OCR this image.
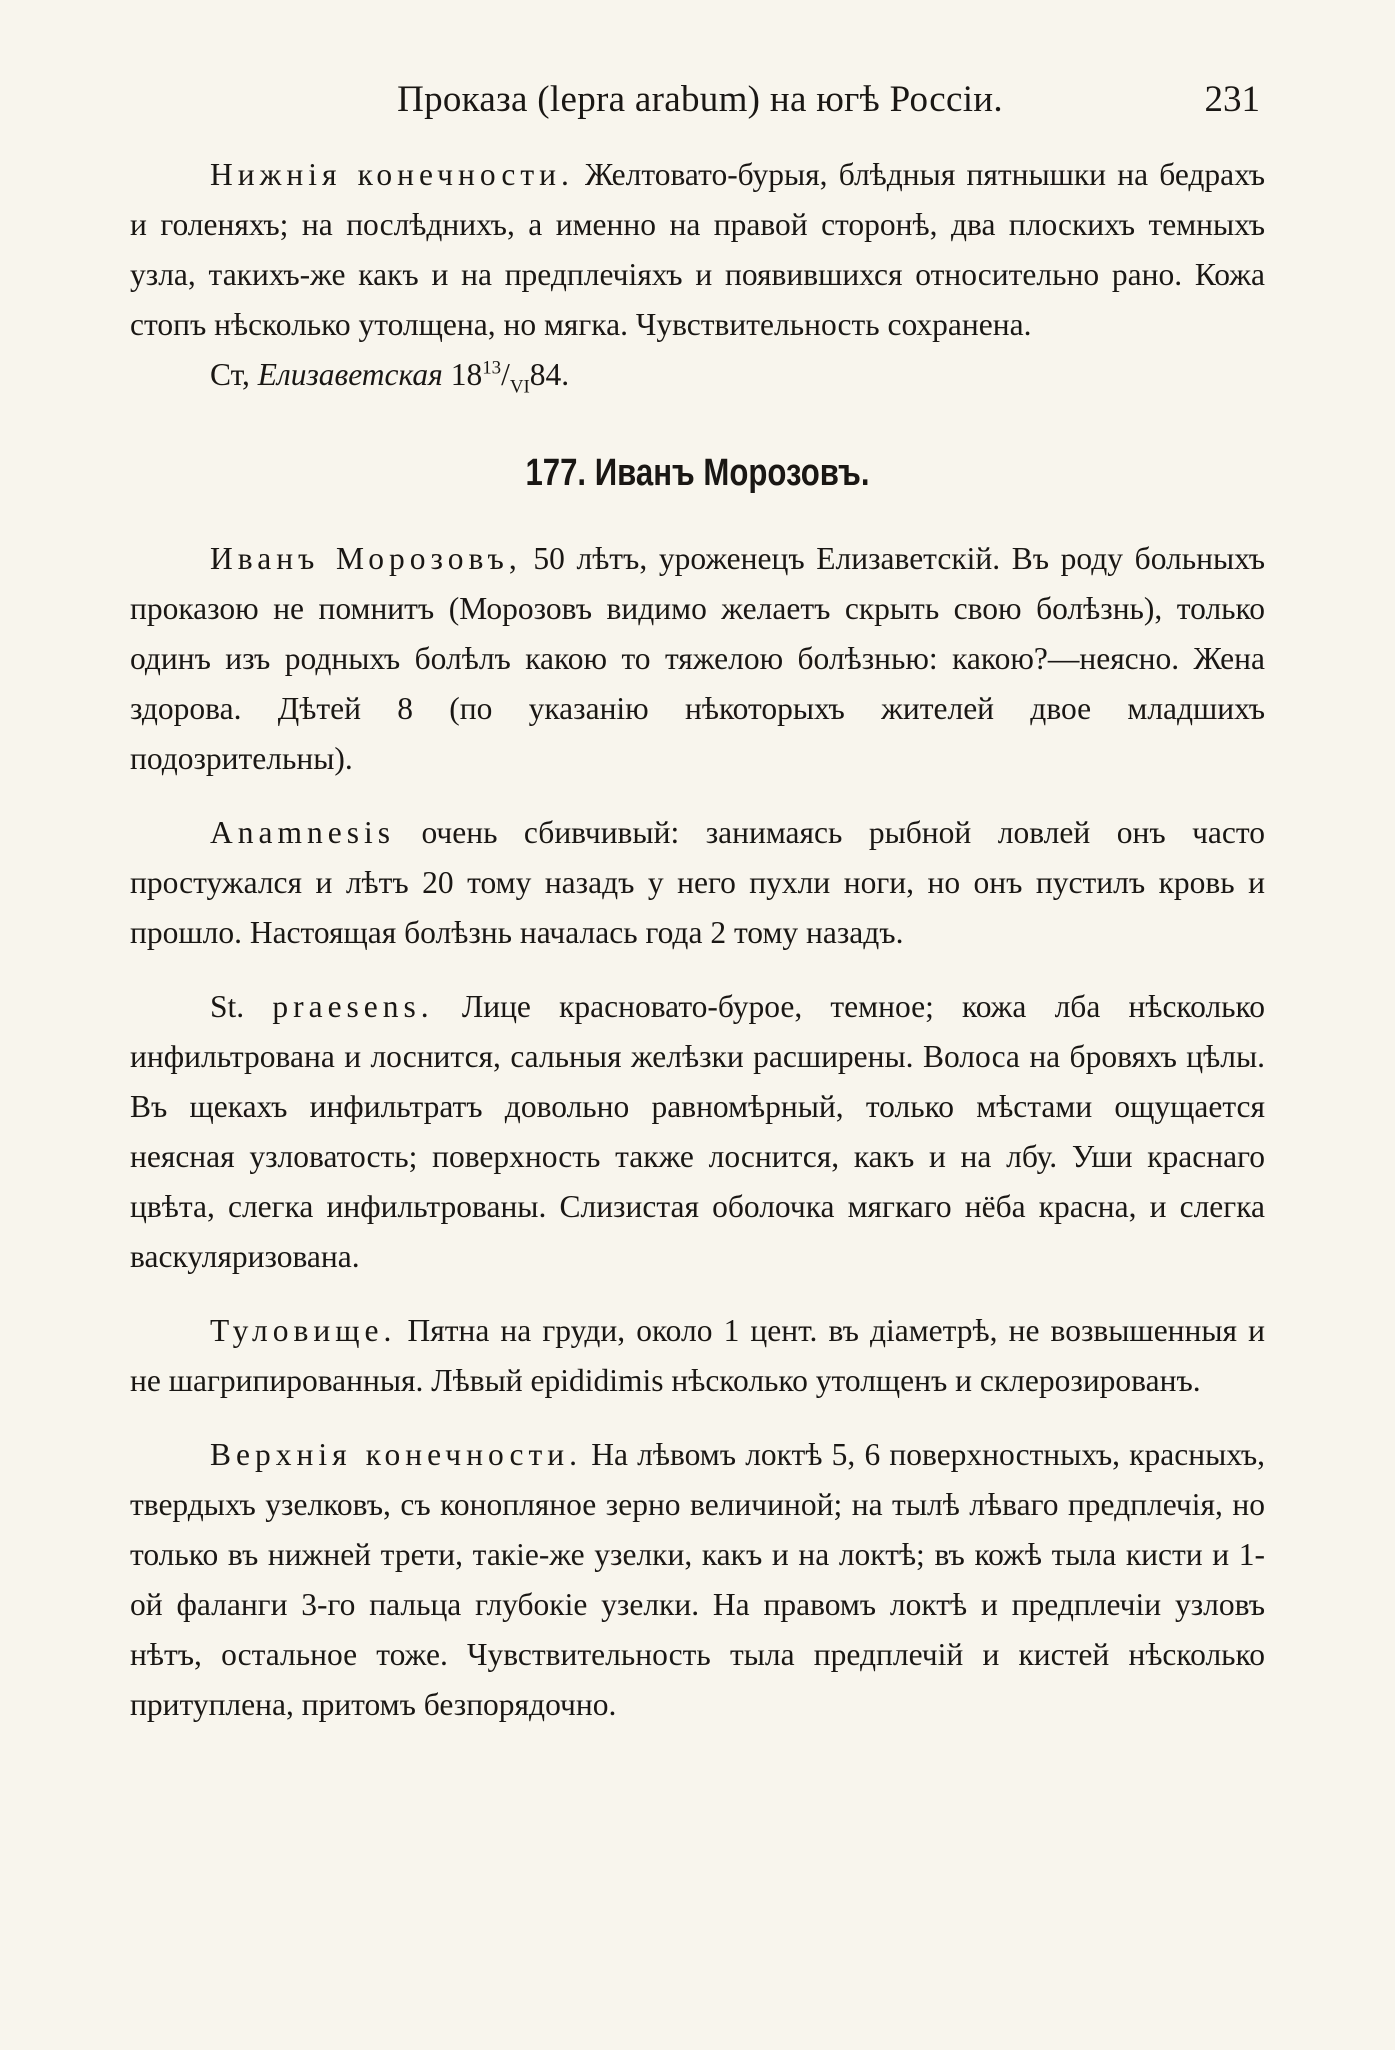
Проказа (lepra arabum) на югѣ Россіи.	231

Нижнія конечности. Желтовато-бурыя, блѣдныя пятнышки на бедрахъ и голеняхъ; на послѣднихъ, а именно на правой сторонѣ, два плоскихъ темныхъ узла, такихъ-же какъ и на предплечіяхъ и появившихся относительно рано. Кожа стопъ нѣсколько утолщена, но мягка. Чувствительность сохранена.

Ст, Елизаветская $18^{13}/_{VI}84$.

177. Иванъ Морозовъ.

Иванъ Морозовъ, 50 лѣтъ, уроженецъ Елизаветскій. Въ роду больныхъ проказою не помнитъ (Морозовъ видимо желаетъ скрыть свою болѣзнь), только одинъ изъ родныхъ болѣлъ какою то тяжелою болѣзнью: какою?—неясно. Жена здорова. Дѣтей 8 (по указанію нѣкоторыхъ жителей двое младшихъ подозрительны).

Anamnesis очень сбивчивый: занимаясь рыбной ловлей онъ часто простужался и лѣтъ 20 тому назадъ у него пухли ноги, но онъ пустилъ кровь и прошло. Настоящая болѣзнь началась года 2 тому назадъ.

St. praesens. Лице красновато-бурое, темное; кожа лба нѣсколько инфильтрована и лоснится, сальныя желѣзки расширены. Волоса на бровяхъ цѣлы. Въ щекахъ инфильтратъ довольно равномѣрный, только мѣстами ощущается неясная узловатость; поверхность также лоснится, какъ и на лбу. Уши краснаго цвѣта, слегка инфильтрованы. Слизистая оболочка мягкаго нёба красна, и слегка васкуляризована.

Туловище. Пятна на груди, около 1 цент. въ діаметрѣ, не возвышенныя и не шагрипированныя. Лѣвый epididimis нѣсколько утолщенъ и склерозированъ.

Верхнія конечности. На лѣвомъ локтѣ 5, 6 поверхностныхъ, красныхъ, твердыхъ узелковъ, съ конопляное зерно величиной; на тылѣ лѣваго предплечія, но только въ нижней трети, такіе-же узелки, какъ и на локтѣ; въ кожѣ тыла кисти и 1-ой фаланги 3-го пальца глубокіе узелки. На правомъ локтѣ и предплечіи узловъ нѣтъ, остальное тоже. Чувствительность тыла предплечій и кистей нѣсколько притуплена, притомъ безпорядочно.
